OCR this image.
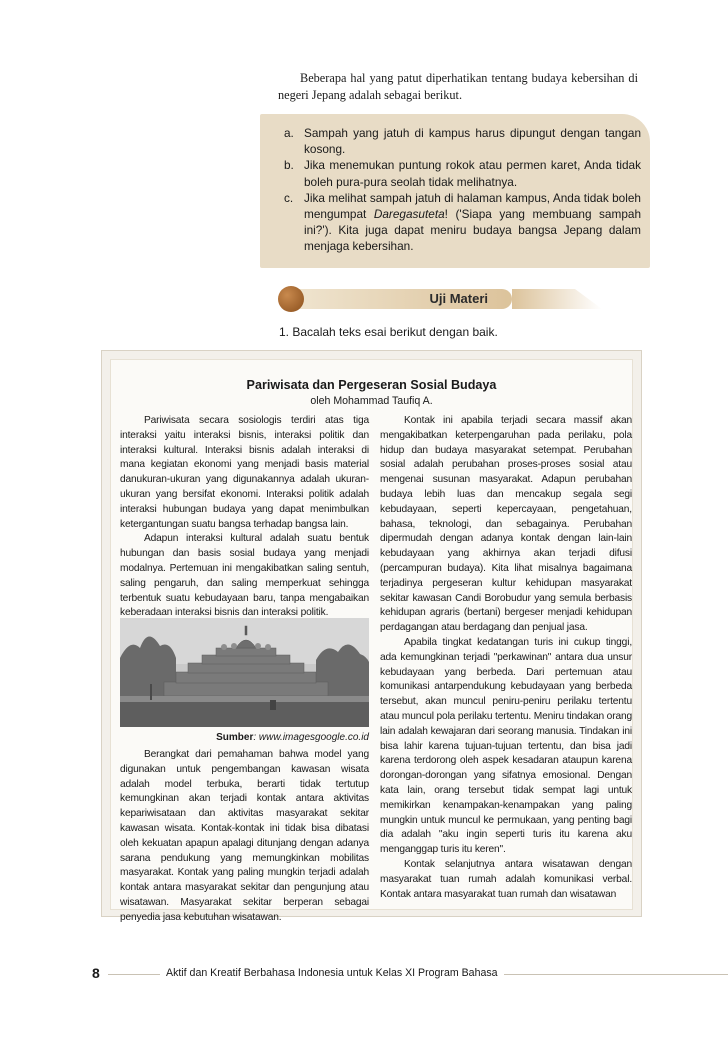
Beberapa hal yang patut diperhatikan tentang budaya kebersihan di negeri Jepang adalah sebagai berikut.

a. Sampah yang jatuh di kampus harus dipungut dengan tangan kosong.
b. Jika menemukan puntung rokok atau permen karet, Anda tidak boleh pura-pura seolah tidak melihatnya.
c. Jika melihat sampah jatuh di halaman kampus, Anda tidak boleh mengumpat Daregasuteta! ('Siapa yang membuang sampah ini?'). Kita juga dapat meniru budaya bangsa Jepang dalam menjaga kebersihan.
Uji Materi
1. Bacalah teks esai berikut dengan baik.
Pariwisata dan Pergeseran Sosial Budaya
oleh Mohammad Taufiq A.

Pariwisata secara sosiologis terdiri atas tiga interaksi yaitu interaksi bisnis, interaksi politik dan interaksi kultural. Interaksi bisnis adalah interaksi di mana kegiatan ekonomi yang menjadi basis material danukuran-ukuran yang digunakannya adalah ukuran-ukuran yang bersifat ekonomi. Interaksi politik adalah interaksi hubungan budaya yang dapat menimbulkan ketergantungan suatu bangsa terhadap bangsa lain.

Adapun interaksi kultural adalah suatu bentuk hubungan dan basis sosial budaya yang menjadi modalnya. Pertemuan ini mengakibatkan saling sentuh, saling pengaruh, dan saling memperkuat sehingga terbentuk suatu kebudayaan baru, tanpa mengabaikan keberadaan interaksi bisnis dan interaksi politik.

Sumber: www.imagesgoogle.co.id

Berangkat dari pemahaman bahwa model yang digunakan untuk pengembangan kawasan wisata adalah model terbuka, berarti tidak tertutup kemungkinan akan terjadi kontak antara aktivitas kepariwisataan dan aktivitas masyarakat sekitar kawasan wisata. Kontak-kontak ini tidak bisa dibatasi oleh kekuatan apapun apalagi ditunjang dengan adanya sarana pendukung yang memungkinkan mobilitas masyarakat. Kontak yang paling mungkin terjadi adalah kontak antara masyarakat sekitar dan pengunjung atau wisatawan. Masyarakat sekitar berperan sebagai penyedia jasa kebutuhan wisatawan.

Kontak ini apabila terjadi secara massif akan mengakibatkan keterpengaruhan pada perilaku, pola hidup dan budaya masyarakat setempat. Perubahan sosial adalah perubahan proses-proses sosial atau mengenai susunan masyarakat. Adapun perubahan budaya lebih luas dan mencakup segala segi kebudayaan, seperti kepercayaan, pengetahuan, bahasa, teknologi, dan sebagainya. Perubahan dipermudah dengan adanya kontak dengan lain-lain kebudayaan yang akhirnya akan terjadi difusi (percampuran budaya). Kita lihat misalnya bagaimana terjadinya pergeseran kultur kehidupan masyarakat sekitar kawasan Candi Borobudur yang semula berbasis kehidupan agraris (bertani) bergeser menjadi kehidupan perdagangan atau berdagang dan penjual jasa.

Apabila tingkat kedatangan turis ini cukup tinggi, ada kemungkinan terjadi "perkawinan" antara dua unsur kebudayaan yang berbeda. Dari pertemuan atau komunikasi antarpendukung kebudayaan yang berbeda tersebut, akan muncul peniru-peniru perilaku tertentu atau muncul pola perilaku tertentu. Meniru tindakan orang lain adalah kewajaran dari seorang manusia. Tindakan ini bisa lahir karena tujuan-tujuan tertentu, dan bisa jadi karena terdorong oleh aspek kesadaran ataupun karena dorongan-dorongan yang sifatnya emosional. Dengan kata lain, orang tersebut tidak sempat lagi untuk memikirkan kenampakan-kenampakan yang paling mungkin untuk muncul ke permukaan, yang penting bagi dia adalah "aku ingin seperti turis itu karena aku menganggap turis itu keren".

Kontak selanjutnya antara wisatawan dengan masyarakat tuan rumah adalah komunikasi verbal. Kontak antara masyarakat tuan rumah dan wisatawan

8	Aktif dan Kreatif Berbahasa Indonesia untuk Kelas XI Program Bahasa
